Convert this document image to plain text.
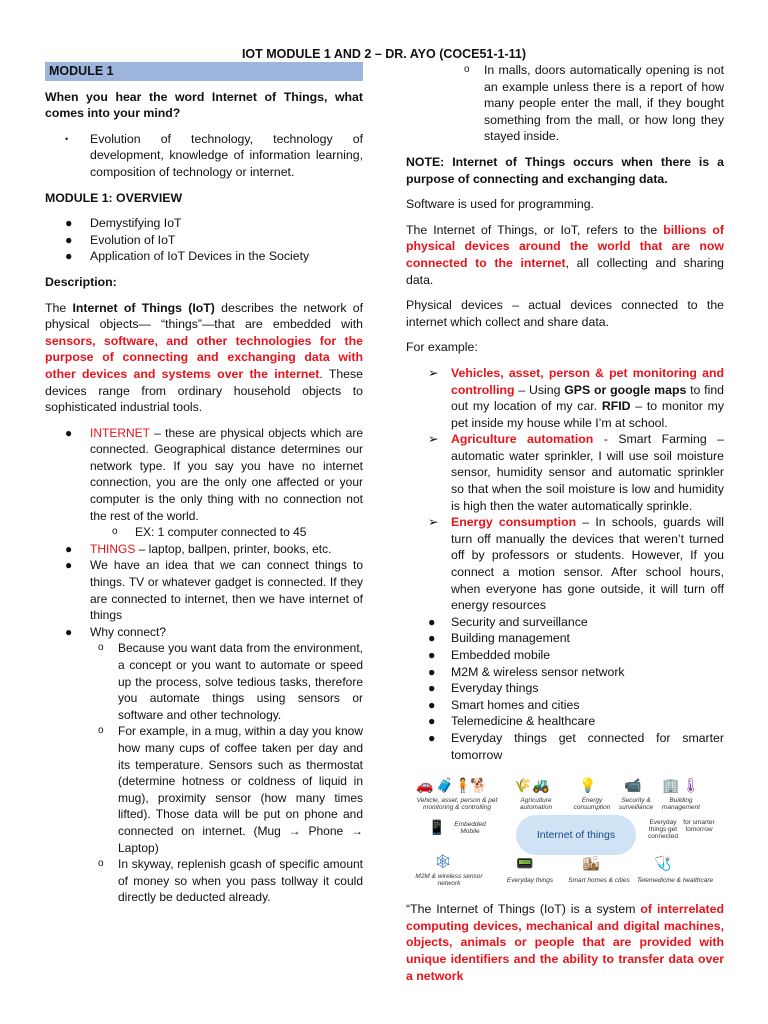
IOT MODULE 1 AND 2 – DR. AYO (COCE51-1-11)
MODULE 1

When you hear the word Internet of Things, what comes into your mind?

• Evolution of technology, technology of development, knowledge of information learning, composition of technology or internet.

MODULE 1: OVERVIEW

● Demystifying IoT
● Evolution of IoT
● Application of IoT Devices in the Society

Description:

The Internet of Things (IoT) describes the network of physical objects— “things”—that are embedded with sensors, software, and other technologies for the purpose of connecting and exchanging data with other devices and systems over the internet. These devices range from ordinary household objects to sophisticated industrial tools.

● INTERNET – these are physical objects which are connected. Geographical distance determines our network type. If you say you have no internet connection, you are the only one affected or your computer is the only thing with no connection not the rest of the world.
o EX: 1 computer connected to 45
● THINGS – laptop, ballpen, printer, books, etc.
● We have an idea that we can connect things to things. TV or whatever gadget is connected. If they are connected to internet, then we have internet of things
● Why connect?
o Because you want data from the environment, a concept or you want to automate or speed up the process, solve tedious tasks, therefore you automate things using sensors or software and other technology.
o For example, in a mug, within a day you know how many cups of coffee taken per day and its temperature. Sensors such as thermostat (determine hotness or coldness of liquid in mug), proximity sensor (how many times lifted). Those data will be put on phone and connected on internet. (Mug → Phone → Laptop)
o In skyway, replenish gcash of specific amount of money so when you pass tollway it could directly be deducted already.
o In malls, doors automatically opening is not an example unless there is a report of how many people enter the mall, if they bought something from the mall, or how long they stayed inside.

NOTE: Internet of Things occurs when there is a purpose of connecting and exchanging data.

Software is used for programming.

The Internet of Things, or IoT, refers to the billions of physical devices around the world that are now connected to the internet, all collecting and sharing data.

Physical devices – actual devices connected to the internet which collect and share data.

For example:

➢ Vehicles, asset, person & pet monitoring and controlling – Using GPS or google maps to find out my location of my car. RFID – to monitor my pet inside my house while I’m at school.
➢ Agriculture automation - Smart Farming – automatic water sprinkler, I will use soil moisture sensor, humidity sensor and automatic sprinkler so that when the soil moisture is low and humidity is high then the water automatically sprinkle.
➢ Energy consumption – In schools, guards will turn off manually the devices that weren’t turned off by professors or students. However, If you connect a motion sensor. After school hours, when everyone has gone outside, it will turn off energy resources
● Security and surveillance
● Building management
● Embedded mobile
● M2M & wireless sensor network
● Everyday things
● Smart homes and cities
● Telemedicine & healthcare
● Everyday things get connected for smarter tomorrow
🚗 🧳 🧍
🐕 🌾 🚜 💡 📹 🏢 🌡
Vehicle, asset, person & pet monitoring & controlling
Agriculture automation
Energy consumption
Security & surveillance
Building management
📱	Embedded Mobile	Internet of things
Everyday things get connected
for smarter tomorrow
🕸	📟	🏙	🩺
M2M & wireless sensor network	Everyday things	Smart homes & cities	Telemedicine & healthcare

“The Internet of Things (IoT) is a system of interrelated computing devices, mechanical and digital machines, objects, animals or people that are provided with unique identifiers and the ability to transfer data over a network
